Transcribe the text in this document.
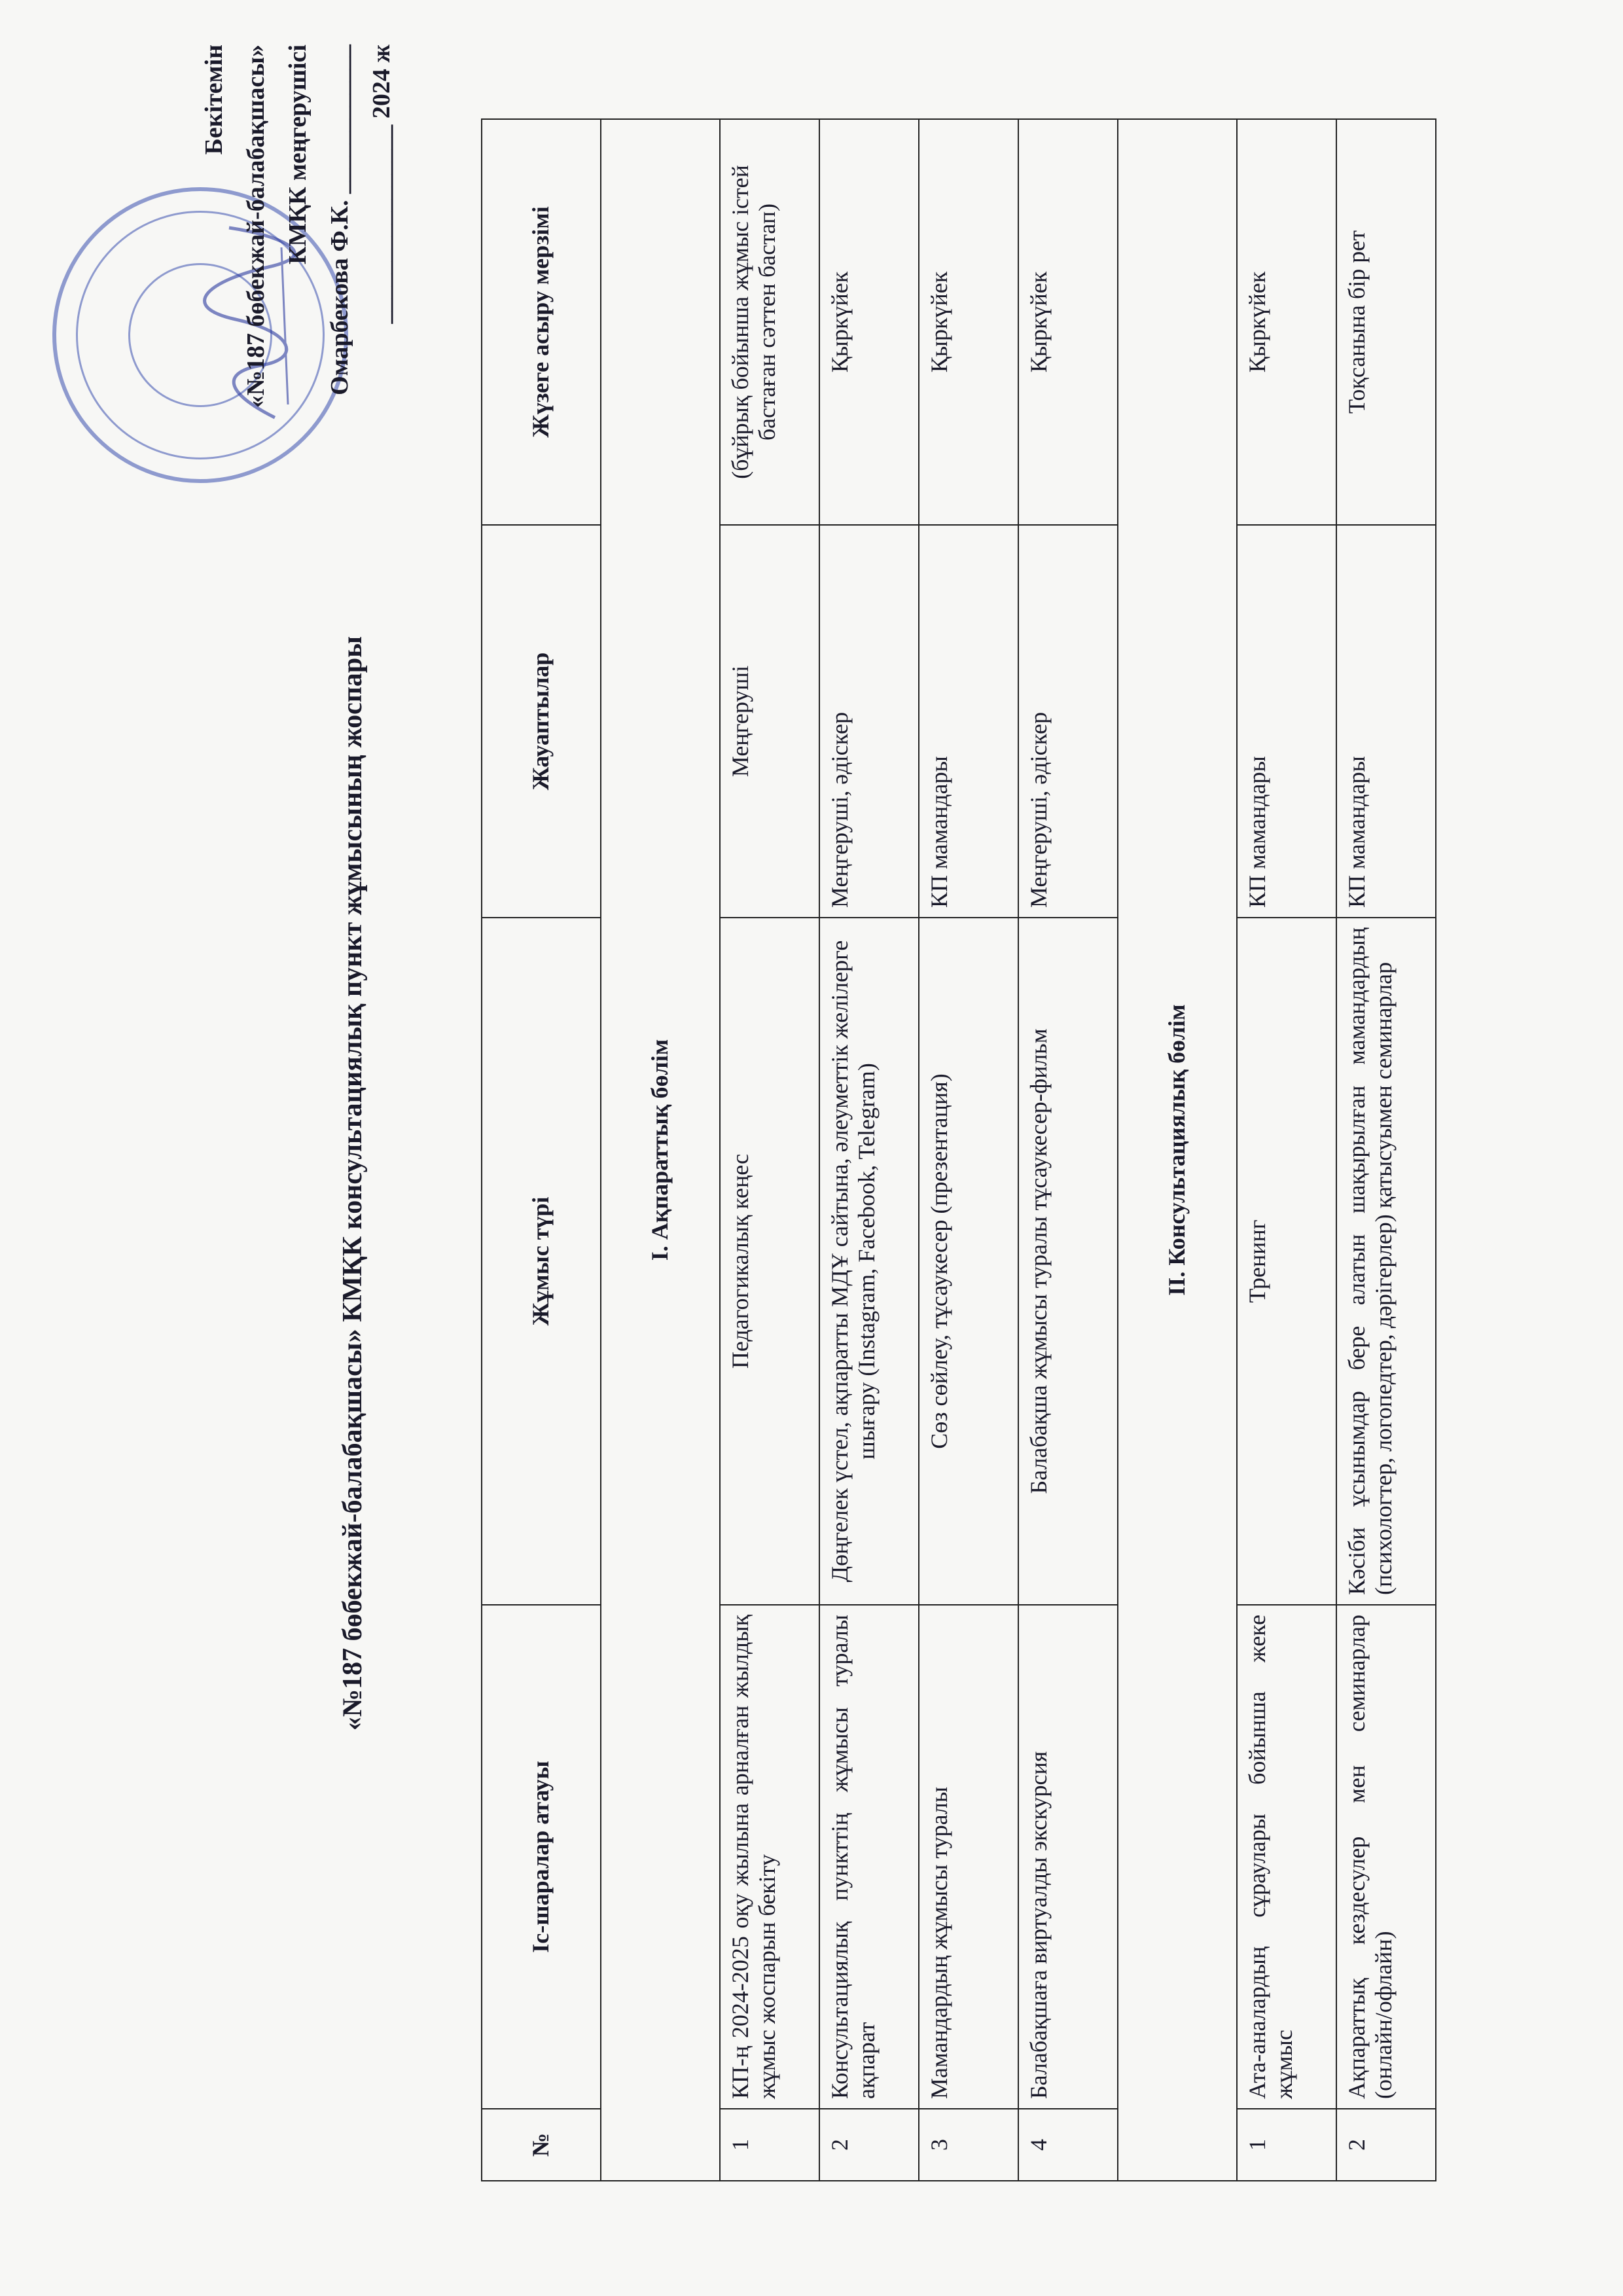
Бекітемін «№187 бөбекжай-балабақшасы» КМҚК меңгерушісі
Омарбекова Ф.К. ____________ ________________ 2024 ж
«№187 бөбекжай-балабақшасы» КМҚК консультациялық пункт жұмысының жоспары
№	Іс-шаралар атауы	Жұмыс түрі	Жауаптылар	Жүзеге асыру мерзімі
I. Ақпараттық бөлім				
1	КП-ң 2024-2025 оқу жылына арналған жылдық жұмыс жоспарын бекіту	Педагогикалық кеңес	Меңгеруші	(бұйрық бойынша жұмыс істей бастаған сәттен бастап)
2	Консультациялық пункттің жұмысы туралы ақпарат	Дөңгелек үстел, ақпаратты МДҰ сайтына, әлеуметтік желілерге шығару (Instagram, Facebook, Telegram)	Меңгеруші, әдіскер	Қыркүйек
3	Мамандардың жұмысы туралы	Сөз сөйлеу, тұсаукесер (презентация)	КП мамандары	Қыркүйек
4	Балабақшаға виртуалды экскурсия	Балабақша жұмысы туралы тұсаукесер-фильм	Меңгеруші, әдіскер	Қыркүйек
II. Консультациялық бөлім				
1	Ата-аналардың сұраулары бойынша жеке жұмыс	Тренинг	КП мамандары	Қыркүйек
2	Ақпараттық кездесулер мен семинарлар (онлайн/офлайн)	Кәсіби ұсынымдар бере алатын шақырылған мамандардың (психологтер, логопедтер, дәрігерлер) қатысуымен семинарлар	КП мамандары	Тоқсанына бір рет
